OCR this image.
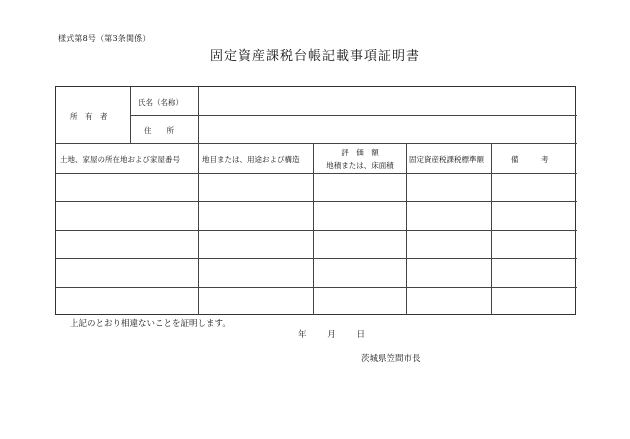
様式第8号（第3条関係）
固定資産課税台帳記載事項証明書
所　有　者
氏名（名称）
住　　所
土地、家屋の所在地および家屋番号	地目または、用途および構造
評　価　額
地積または、床面積
固定資産税課税標準額	備　　　考
上記のとおり相違ないことを証明します。
年 月 日
茨城県笠間市長
